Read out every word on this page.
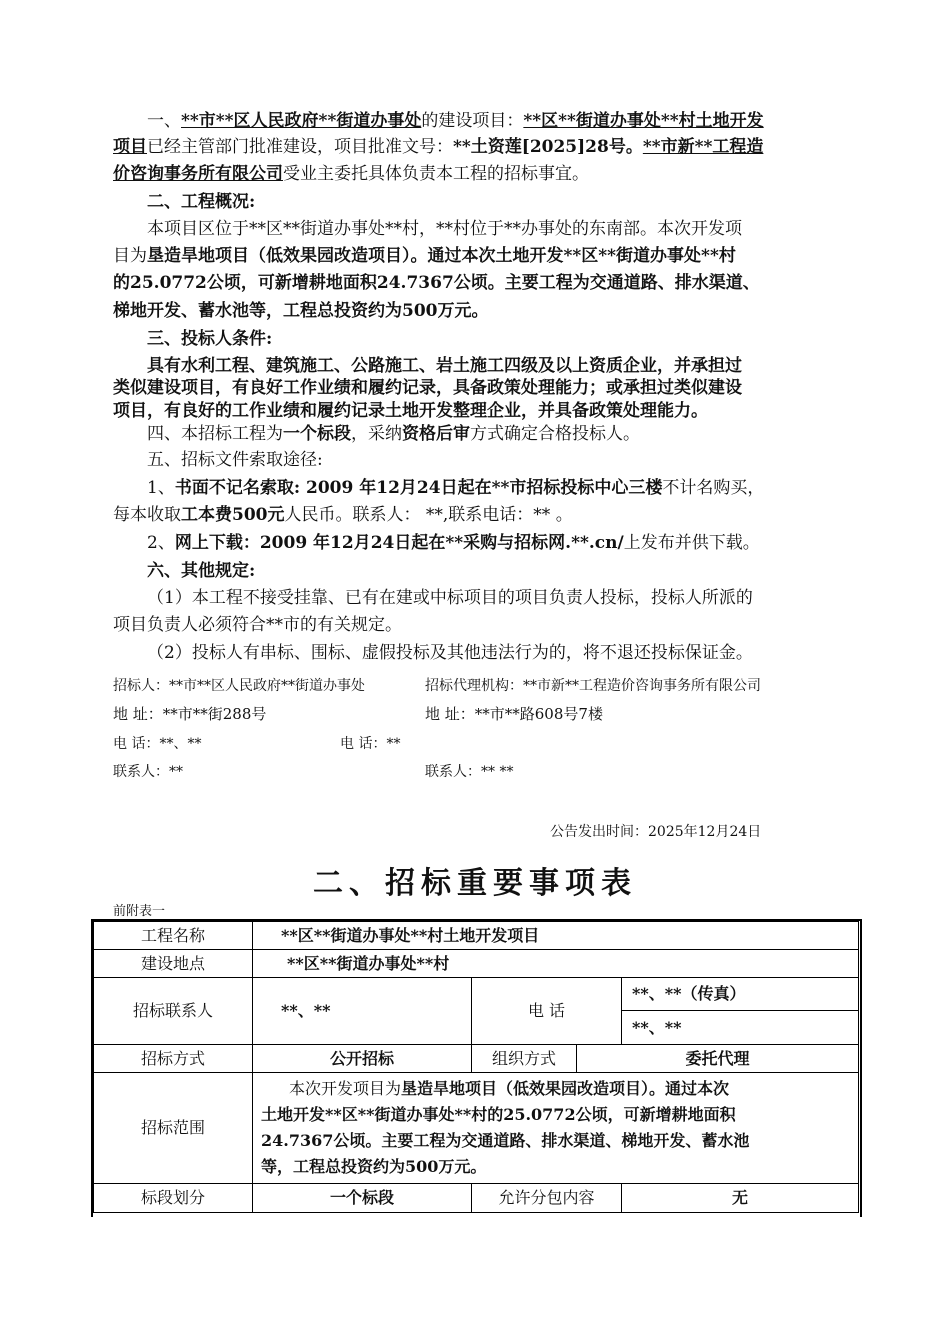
一、**市**区人民政府**街道办事处的建设项目：**区**街道办事处**村土地开发
项目已经主管部门批准建设，项目批准文号：**土资莲[2025]28号。**市新**工程造
价咨询事务所有限公司受业主委托具体负责本工程的招标事宜。
二、工程概况:
本项目区位于**区**街道办事处**村，**村位于**办事处的东南部。本次开发项
目为垦造旱地项目（低效果园改造项目）。通过本次土地开发**区**街道办事处**村
的25.0772公顷，可新增耕地面积24.7367公顷。主要工程为交通道路、排水渠道、
梯地开发、蓄水池等，工程总投资约为500万元。
三、投标人条件:
具有水利工程、建筑施工、公路施工、岩土施工四级及以上资质企业，并承担过
类似建设项目，有良好工作业绩和履约记录，具备政策处理能力；或承担过类似建设
项目，有良好的工作业绩和履约记录土地开发整理企业，并具备政策处理能力。
四、本招标工程为一个标段，采纳资格后审方式确定合格投标人。
五、招标文件索取途径:
1、书面不记名索取: 2009 年12月24日起在**市招标投标中心三楼不计名购买，
每本收取工本费500元人民币。联系人： **,联系电话：** 。
2、网上下载：2009 年12月24日起在**采购与招标网.**.cn/上发布并供下载。
六、其他规定:
（1）本工程不接受挂靠、已有在建或中标项目的项目负责人投标，投标人所派的
项目负责人必须符合**市的有关规定。
（2）投标人有串标、围标、虚假投标及其他违法行为的，将不退还投标保证金。
招标人：**市**区人民政府**街道办事处	招标代理机构：**市新**工程造价咨询事务所有限公司
地 址：**市**街288号	地 址：**市**路608号7楼
电 话：**、**	电 话：**
联系人：**	联系人：** **
公告发出时间：2025年12月24日
二、招标重要事项表
前附表一
工程名称	**区**街道办事处**村土地开发项目			
建设地点	**区**街道办事处**村			
招标联系人	**、**	电 话		**、**（传真）
				**、**
招标方式	公开招标	组织方式	委托代理	
招标范围	本次开发项目为垦造旱地项目（低效果园改造项目）。通过本次
土地开发**区**街道办事处**村的25.0772公顷，可新增耕地面积
24.7367公顷。主要工程为交通道路、排水渠道、梯地开发、蓄水池
等，工程总投资约为500万元。			

标段划分	一个标段	允许分包内容		无
